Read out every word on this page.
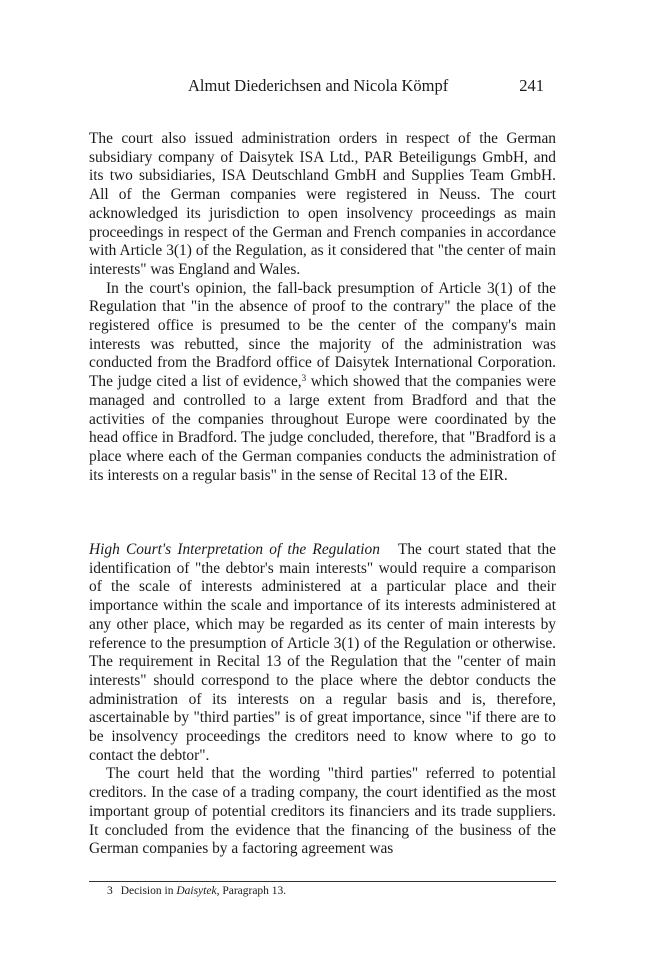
Almut Diederichsen and Nicola Kömpf	241

The court also issued administration orders in respect of the German subsidiary company of Daisytek ISA Ltd., PAR Beteiligungs GmbH, and its two subsidiaries, ISA Deutschland GmbH and Supplies Team GmbH. All of the German companies were registered in Neuss. The court acknowledged its jurisdiction to open insolvency proceedings as main proceedings in respect of the German and French companies in accordance with Article 3(1) of the Regulation, as it considered that "the center of main interests" was England and Wales.

In the court's opinion, the fall-back presumption of Article 3(1) of the Regulation that "in the absence of proof to the contrary" the place of the registered office is presumed to be the center of the company's main interests was rebutted, since the majority of the administration was conducted from the Bradford office of Daisytek International Corporation. The judge cited a list of evidence,$^3$ which showed that the companies were managed and controlled to a large extent from Bradford and that the activities of the companies throughout Europe were coordinated by the head office in Bradford. The judge concluded, therefore, that "Bradford is a place where each of the German companies conducts the administration of its interests on a regular basis" in the sense of Recital 13 of the EIR.

High Court's Interpretation of the Regulation The court stated that the identification of "the debtor's main interests" would require a comparison of the scale of interests administered at a particular place and their importance within the scale and importance of its interests administered at any other place, which may be regarded as its center of main interests by reference to the presumption of Article 3(1) of the Regulation or otherwise. The requirement in Recital 13 of the Regulation that the "center of main interests" should correspond to the place where the debtor conducts the administration of its interests on a regular basis and is, therefore, ascertainable by "third parties" is of great importance, since "if there are to be insolvency proceedings the creditors need to know where to go to contact the debtor".

The court held that the wording "third parties" referred to potential creditors. In the case of a trading company, the court identified as the most important group of potential creditors its financiers and its trade suppliers. It concluded from the evidence that the financing of the business of the German companies by a factoring agreement was

3 Decision in Daisytek, Paragraph 13.
